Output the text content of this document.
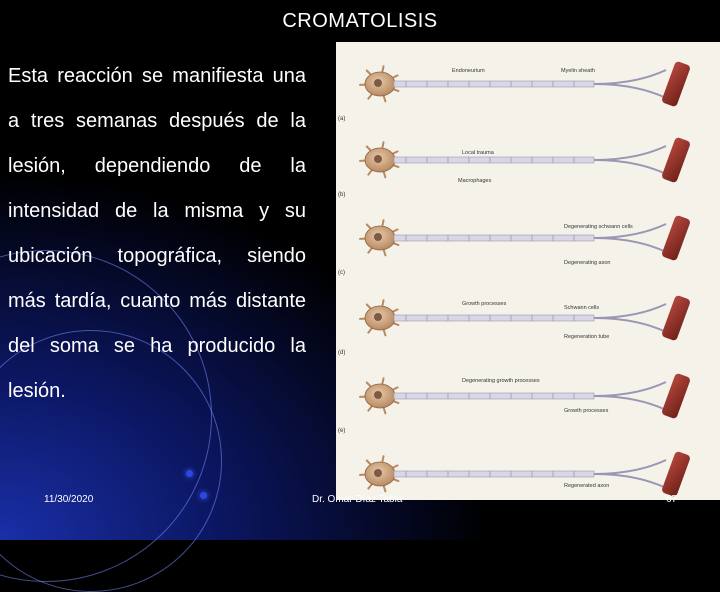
CROMATOLISIS
Esta reacción se manifiesta una a tres semanas después de la lesión, dependiendo de la intensidad de la misma y su ubicación topográfica, siendo más tardía, cuanto más distante del soma se ha producido la lesión.
(a)
(b)
(c)
(d)
(e)
Endoneurium	Myelin sheath
Local trauma
Macrophages
Degenerating schwann cells
Degenerating axon
Growth processes
Schwann cells
Regeneration tube
Degenerating growth processes
Growth processes
Regenerated axon
11/30/2020	Dr. Omar Díaz Tabla	67
